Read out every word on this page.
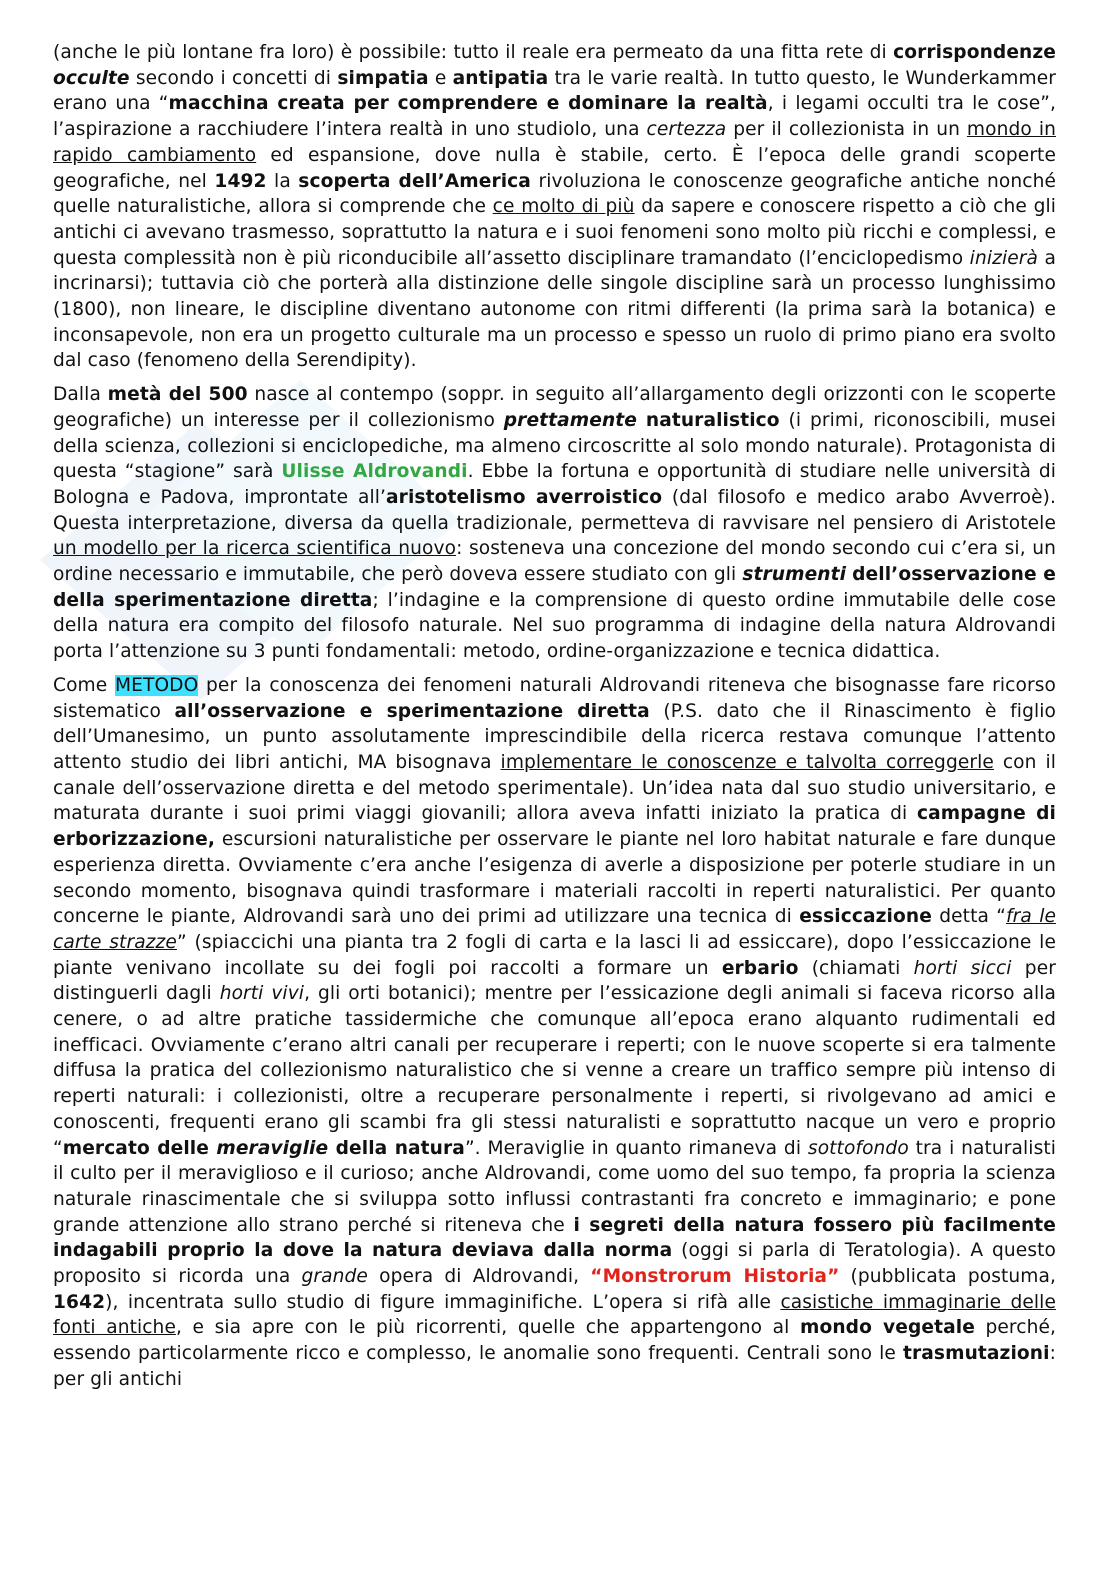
(anche le più lontane fra loro) è possibile: tutto il reale era permeato da una fitta rete di corrispondenze occulte secondo i concetti di simpatia e antipatia tra le varie realtà. In tutto questo, le Wunderkammer erano una “macchina creata per comprendere e dominare la realtà, i legami occulti tra le cose”, l’aspirazione a racchiudere l’intera realtà in uno studiolo, una certezza per il collezionista in un mondo in rapido cambiamento ed espansione, dove nulla è stabile, certo. È l’epoca delle grandi scoperte geografiche, nel 1492 la scoperta dell’America rivoluziona le conoscenze geografiche antiche nonché quelle naturalistiche, allora si comprende che ce molto di più da sapere e conoscere rispetto a ciò che gli antichi ci avevano trasmesso, soprattutto la natura e i suoi fenomeni sono molto più ricchi e complessi, e questa complessità non è più riconducibile all’assetto disciplinare tramandato (l’enciclopedismo inizierà a incrinarsi); tuttavia ciò che porterà alla distinzione delle singole discipline sarà un processo lunghissimo (1800), non lineare, le discipline diventano autonome con ritmi differenti (la prima sarà la botanica) e inconsapevole, non era un progetto culturale ma un processo e spesso un ruolo di primo piano era svolto dal caso (fenomeno della Serendipity).

Dalla metà del 500 nasce al contempo (soppr. in seguito all’allargamento degli orizzonti con le scoperte geografiche) un interesse per il collezionismo prettamente naturalistico (i primi, riconoscibili, musei della scienza, collezioni si enciclopediche, ma almeno circoscritte al solo mondo naturale). Protagonista di questa “stagione” sarà Ulisse Aldrovandi. Ebbe la fortuna e opportunità di studiare nelle università di Bologna e Padova, improntate all’aristotelismo averroistico (dal filosofo e medico arabo Avverroè). Questa interpretazione, diversa da quella tradizionale, permetteva di ravvisare nel pensiero di Aristotele un modello per la ricerca scientifica nuovo: sosteneva una concezione del mondo secondo cui c’era si, un ordine necessario e immutabile, che però doveva essere studiato con gli strumenti dell’osservazione e della sperimentazione diretta; l’indagine e la comprensione di questo ordine immutabile delle cose della natura era compito del filosofo naturale. Nel suo programma di indagine della natura Aldrovandi porta l’attenzione su 3 punti fondamentali: metodo, ordine-organizzazione e tecnica didattica.

Come METODO per la conoscenza dei fenomeni naturali Aldrovandi riteneva che bisognasse fare ricorso sistematico all’osservazione e sperimentazione diretta (P.S. dato che il Rinascimento è figlio dell’Umanesimo, un punto assolutamente imprescindibile della ricerca restava comunque l’attento attento studio dei libri antichi, MA bisognava implementare le conoscenze e talvolta correggerle con il canale dell’osservazione diretta e del metodo sperimentale). Un’idea nata dal suo studio universitario, e maturata durante i suoi primi viaggi giovanili; allora aveva infatti iniziato la pratica di campagne di erborizzazione, escursioni naturalistiche per osservare le piante nel loro habitat naturale e fare dunque esperienza diretta. Ovviamente c’era anche l’esigenza di averle a disposizione per poterle studiare in un secondo momento, bisognava quindi trasformare i materiali raccolti in reperti naturalistici. Per quanto concerne le piante, Aldrovandi sarà uno dei primi ad utilizzare una tecnica di essiccazione detta “fra le carte strazze” (spiaccichi una pianta tra 2 fogli di carta e la lasci li ad essiccare), dopo l’essiccazione le piante venivano incollate su dei fogli poi raccolti a formare un erbario (chiamati horti sicci per distinguerli dagli horti vivi, gli orti botanici); mentre per l’essicazione degli animali si faceva ricorso alla cenere, o ad altre pratiche tassidermiche che comunque all’epoca erano alquanto rudimentali ed inefficaci. Ovviamente c’erano altri canali per recuperare i reperti; con le nuove scoperte si era talmente diffusa la pratica del collezionismo naturalistico che si venne a creare un traffico sempre più intenso di reperti naturali: i collezionisti, oltre a recuperare personalmente i reperti, si rivolgevano ad amici e conoscenti, frequenti erano gli scambi fra gli stessi naturalisti e soprattutto nacque un vero e proprio “mercato delle meraviglie della natura”. Meraviglie in quanto rimaneva di sottofondo tra i naturalisti il culto per il meraviglioso e il curioso; anche Aldrovandi, come uomo del suo tempo, fa propria la scienza naturale rinascimentale che si sviluppa sotto influssi contrastanti fra concreto e immaginario; e pone grande attenzione allo strano perché si riteneva che i segreti della natura fossero più facilmente indagabili proprio la dove la natura deviava dalla norma (oggi si parla di Teratologia). A questo proposito si ricorda una grande opera di Aldrovandi, “Monstrorum Historia” (pubblicata postuma, 1642), incentrata sullo studio di figure immaginifiche. L’opera si rifà alle casistiche immaginarie delle fonti antiche, e sia apre con le più ricorrenti, quelle che appartengono al mondo vegetale perché, essendo particolarmente ricco e complesso, le anomalie sono frequenti. Centrali sono le trasmutazioni: per gli antichi
